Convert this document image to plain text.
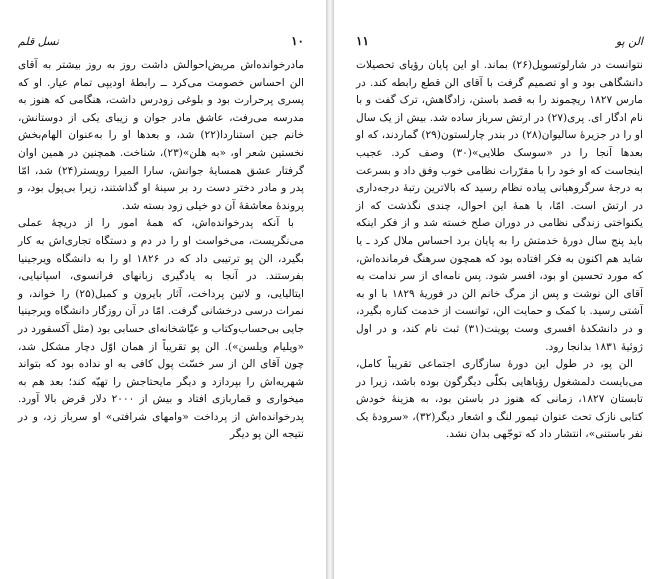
۱۰
نسل قلم

مادرخوانده‌اش مریض‌احوالش داشت روز به روز بیشتر به آقای الن احساس خصومت می‌کرد ــ رابطهٔ اودیپی تمام عیار. او که پسری پرحرارت بود و بلوغی زودرس داشت، هنگامی که هنوز به مدرسه می‌رفت، عاشق مادر جوان و زیبای یکی از دوستانش، خانم جین استناردا(۲۲) شد، و بعدها او را به‌عنوان الهام‌بخش نخستین شعر او، «به هلن»(۲۳)، شناخت. همچنین در همین اوان گرفتار عشق همسایهٔ جوانش، سارا المیرا رویستر(۲۴) شد، امّا پدر و مادر دختر دست رد بر سینهٔ او گذاشتند، زیرا بی‌پول بود، و پروندهٔ معاشقهٔ آن دو خیلی زود بسته شد.

با آنکه پدرخوانده‌اش، که همهٔ امور را از دریچهٔ عملی می‌نگریست، می‌خواست او را در دم و دستگاه تجاری‌اش به کار بگیرد، الن پو ترتیبی داد که در ۱۸۲۶ او را به دانشگاه ویرجینیا بفرستند. در آنجا به یادگیری زبانهای فرانسوی، اسپانیایی، ایتالیایی، و لاتین پرداخت، آثار بایرون و کمبل(۲۵) را خواند، و نمرات درسی درخشانی گرفت. امّا در آن روزگار دانشگاه ویرجینیا جایی بی‌حساب‌وکتاب و عیّاشخانه‌ای حسابی بود (مثل آکسفورد در «ویلیام ویلسن»). الن پو تقریباً از همان اوّل دچار مشکل شد، چون آقای الن از سر خسّت پول کافی به او نداده بود که بتواند شهریه‌اش را بپردازد و دیگر مایحتاجش را تهیّه کند؛ بعد هم به میخواری و قماربازی افتاد و بیش از ۲۰۰۰ دلار قرض بالا آورد. پدرخوانده‌اش از پرداخت «وامهای شرافتی» او سرباز زد، و در نتیجه الن پو دیگر

الن پو
۱۱

نتوانست در شارلوتسویل(۲۶) بماند. او این پایان رؤیای تحصیلات دانشگاهی بود و او تصمیم گرفت با آقای الن قطع رابطه کند. در مارس ۱۸۲۷ ریچموند را به قصد باستن، زادگاهش، ترک گفت و با نام ادگار ای. پری(۲۷) در ارتش سرباز ساده شد. بیش از یک سال او را در جزیرهٔ سالیوان(۲۸) در بندر چارلستون(۲۹) گماردند، که او بعدها آنجا را در «سوسک طلایی»(۳۰) وصف کرد. عجیب اینجاست که او خود را با مقرّرات نظامی خوب وفق داد و بسرعت به درجهٔ سرگروهبانی پیاده نظام رسید که بالاترین رتبهٔ درجه‌داری در ارتش است. امّا، با همهٔ این احوال، چندی نگذشت که از یکنواختی زندگی نظامی در دوران صلح خسته شد و از فکر اینکه باید پنج سال دورهٔ خدمتش را به پایان برد احساس ملال کرد ـ یا شاید هم اکنون به فکر افتاده بود که همچون سرهنگ فرمانده‌اش، که مورد تحسین او بود، افسر شود. پس نامه‌ای از سر ندامت به آقای الن نوشت و پس از مرگ خانم الن در فوریهٔ ۱۸۲۹ با او به آشتی رسید. با کمک و حمایت الن، توانست از خدمت کناره بگیرد، و در دانشکدهٔ افسری وست پوینت(۳۱) ثبت نام کند، و در اول ژوئیهٔ ۱۸۳۱ بدانجا رود.

الن پو، در طول این دورهٔ سازگاری اجتماعی تقریباً کامل، می‌بایست دلمشغول رؤیاهایی بکلّی دیگرگون بوده باشد، زیرا در تابستان ۱۸۲۷، زمانی که هنوز در باستن بود، به هزینهٔ خودش کتابی نازک تحت عنوان تیمور لنگ و اشعار دیگر(۳۲)، «سرودهٔ یک نفر باستنی»، انتشار داد که توجّهی بدان نشد.
